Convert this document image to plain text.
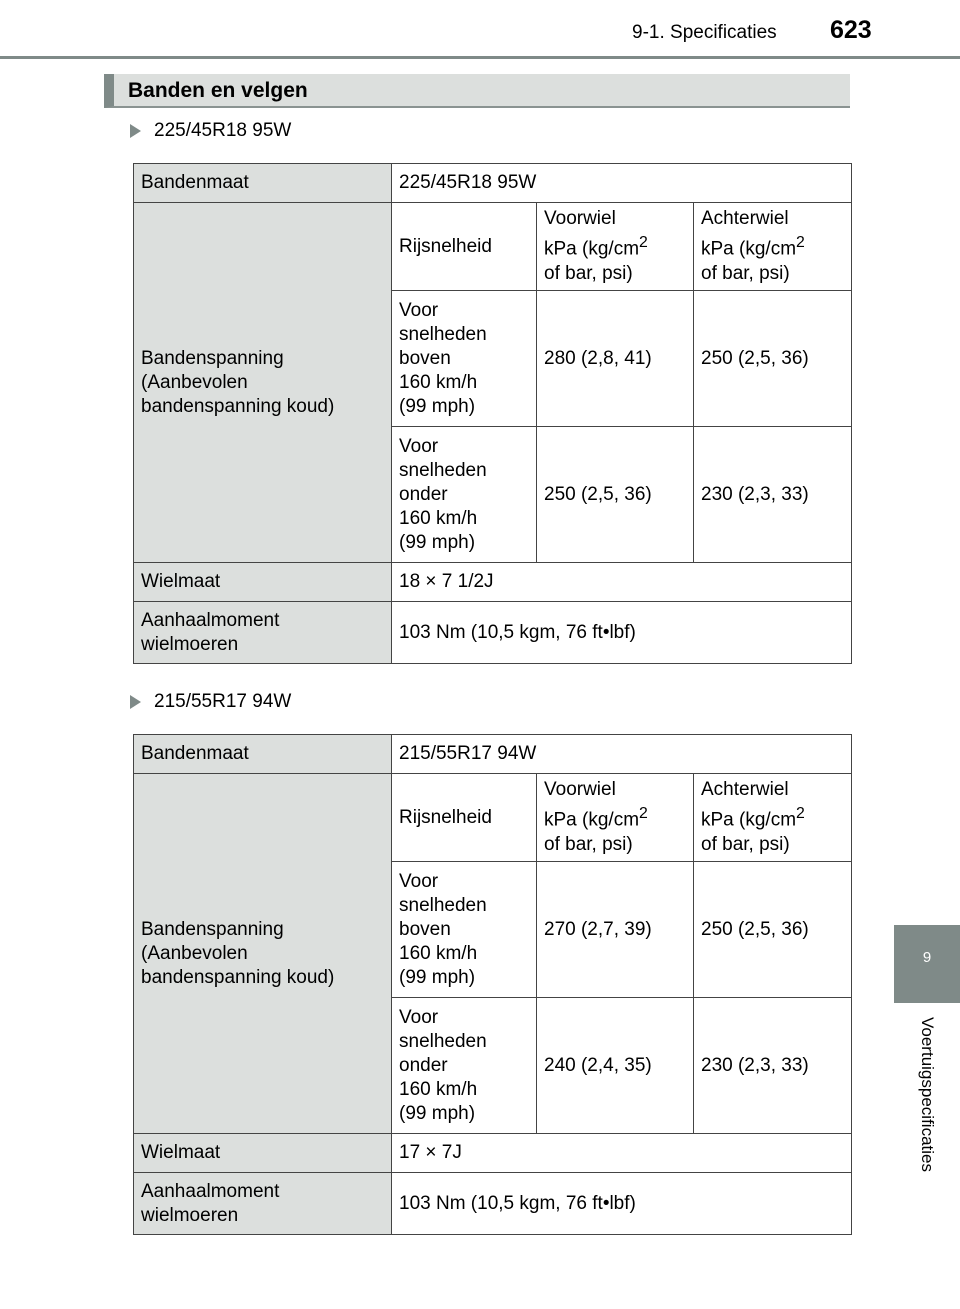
9-1. Specificaties 623
Banden en velgen
225/45R18 95W
Bandenmaat	225/45R18 95W		
Bandenspanning
(Aanbevolen
bandenspanning koud)	Rijsnelheid	Voorwiel
kPa ($kg/cm^2$
of bar, psi)	Achterwiel
kPa ($kg/cm^2$
of bar, psi)
	Voor
snelheden
boven
160 km/h
(99 mph)	280 (2,8, 41)	250 (2,5, 36)
	Voor
snelheden
onder
160 km/h
(99 mph)	250 (2,5, 36)	230 (2,3, 33)
Wielmaat	18 × 7 1/2J		
Aanhaalmoment
wielmoeren	103 Nm (10,5 kgm, 76 ft•lbf)		
215/55R17 94W
Bandenmaat	215/55R17 94W		
Bandenspanning
(Aanbevolen
bandenspanning koud)	Rijsnelheid	Voorwiel
kPa ($kg/cm^2$
of bar, psi)	Achterwiel
kPa ($kg/cm^2$
of bar, psi)
	Voor
snelheden
boven
160 km/h
(99 mph)	270 (2,7, 39)	250 (2,5, 36)
	Voor
snelheden
onder
160 km/h
(99 mph)	240 (2,4, 35)	230 (2,3, 33)
Wielmaat	17 × 7J		
Aanhaalmoment
wielmoeren	103 Nm (10,5 kgm, 76 ft•lbf)		
9
Voertuigspecificaties
